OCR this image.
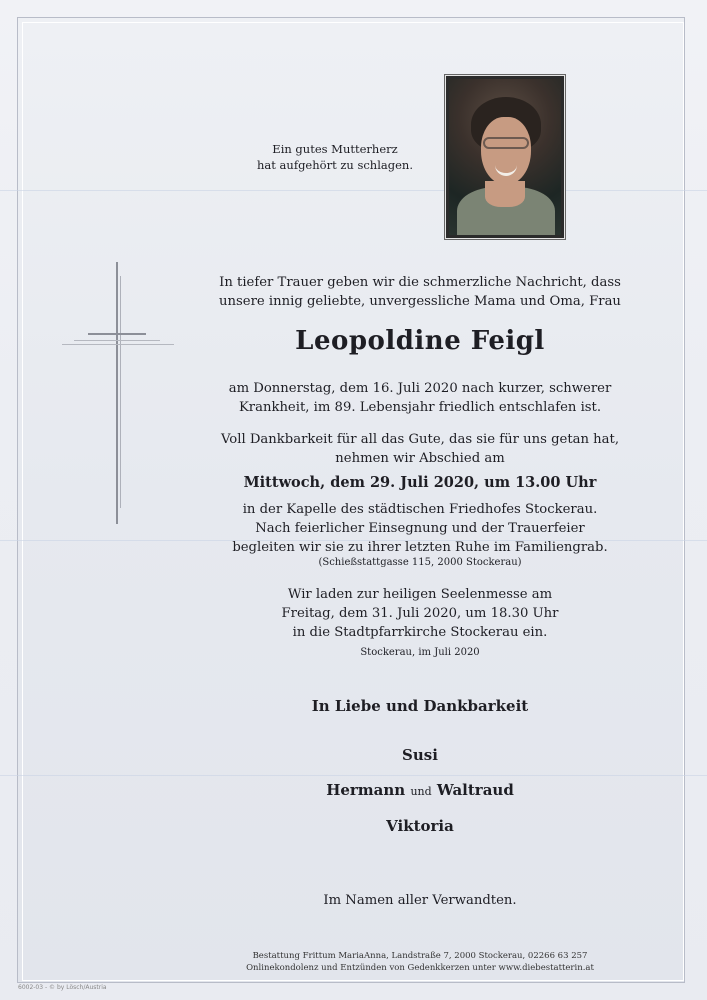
Ein gutes Mutterherz
hat aufgehört zu schlagen.
In tiefer Trauer geben wir die schmerzliche Nachricht, dass
unsere innig geliebte, unvergessliche Mama und Oma, Frau
Leopoldine Feigl
am Donnerstag, dem 16. Juli 2020 nach kurzer, schwerer
Krankheit, im 89. Lebensjahr friedlich entschlafen ist.
Voll Dankbarkeit für all das Gute, das sie für uns getan hat,
nehmen wir Abschied am
Mittwoch, dem 29. Juli 2020, um 13.00 Uhr
in der Kapelle des städtischen Friedhofes Stockerau.
Nach feierlicher Einsegnung und der Trauerfeier
begleiten wir sie zu ihrer letzten Ruhe im Familiengrab.
(Schießstattgasse 115, 2000 Stockerau)
Wir laden zur heiligen Seelenmesse am
Freitag, dem 31. Juli 2020, um 18.30 Uhr
in die Stadtpfarrkirche Stockerau ein.
Stockerau, im Juli 2020
In Liebe und Dankbarkeit
Susi
Hermann und Waltraud
Viktoria
Im Namen aller Verwandten.
Bestattung Frittum MariaAnna, Landstraße 7, 2000 Stockerau, 02266 63 257
Onlinekondolenz und Entzünden von Gedenkkerzen unter www.diebestatterin.at
6002-03 - © by Lösch/Austria
